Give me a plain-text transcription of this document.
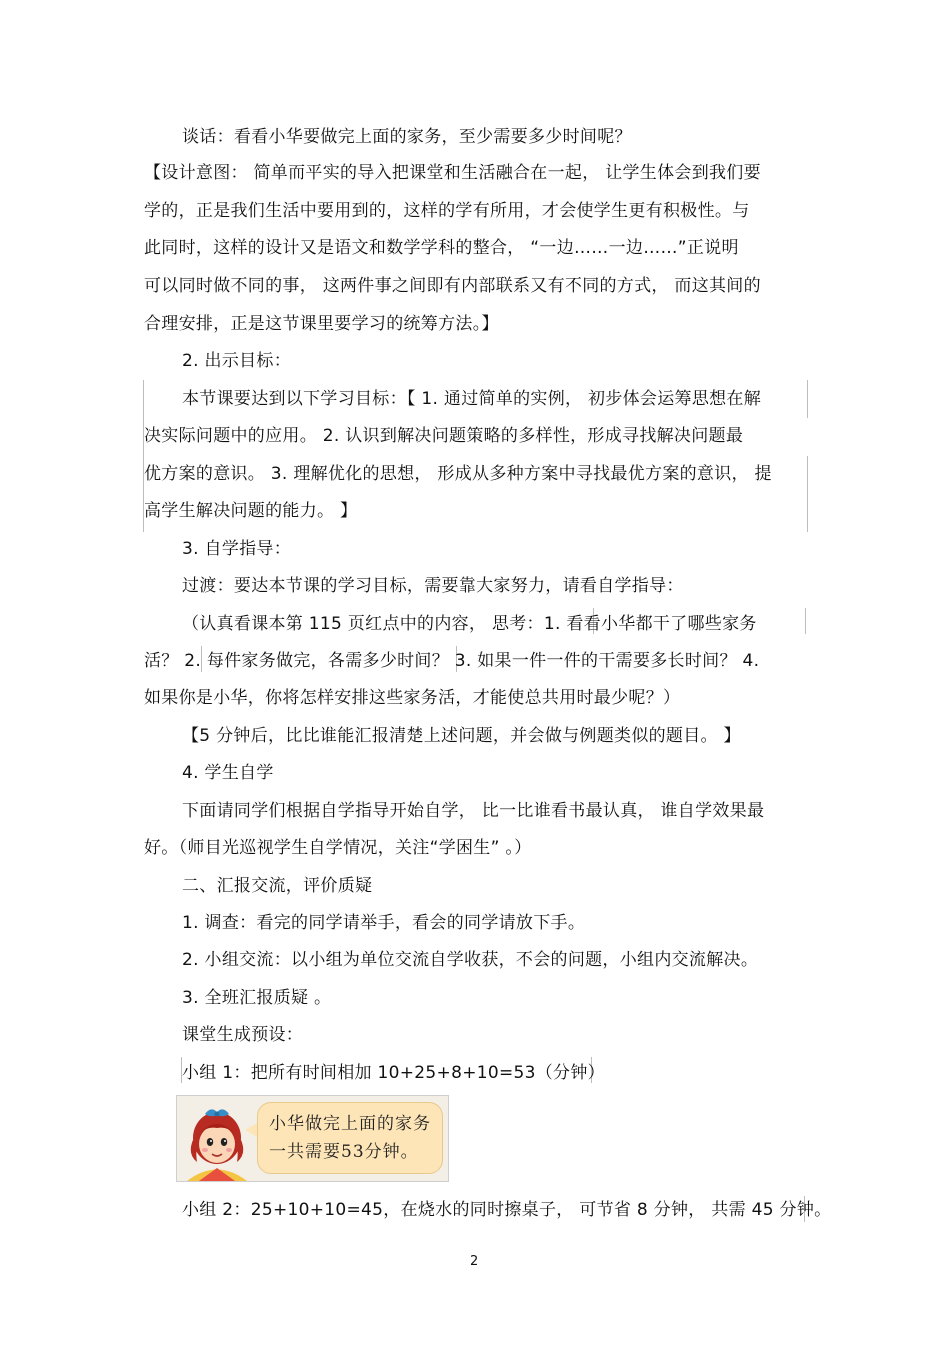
谈话：看看小华要做完上面的家务，至少需要多少时间呢？
【设计意图： 简单而平实的导入把课堂和生活融合在一起， 让学生体会到我们要
学的，正是我们生活中要用到的，这样的学有所用，才会使学生更有积极性。与
此同时，这样的设计又是语文和数学学科的整合， “一边……一边……”正说明
可以同时做不同的事， 这两件事之间即有内部联系又有不同的方式， 而这其间的
合理安排，正是这节课里要学习的统筹方法。】
2. 出示目标：
本节课要达到以下学习目标：【 1. 通过简单的实例， 初步体会运筹思想在解
决实际问题中的应用。 2. 认识到解决问题策略的多样性，形成寻找解决问题最
优方案的意识。 3. 理解优化的思想， 形成从多种方案中寻找最优方案的意识， 提
高学生解决问题的能力。 】
3. 自学指导：
过渡：要达本节课的学习目标，需要靠大家努力，请看自学指导：
（认真看课本第 115 页红点中的内容， 思考：1. 看看小华都干了哪些家务
活？ 2. 每件家务做完，各需多少时间？ 3. 如果一件一件的干需要多长时间？ 4.
如果你是小华，你将怎样安排这些家务活，才能使总共用时最少呢？）
【5 分钟后，比比谁能汇报清楚上述问题，并会做与例题类似的题目。 】
4. 学生自学
下面请同学们根据自学指导开始自学， 比一比谁看书最认真， 谁自学效果最
好。（师目光巡视学生自学情况，关注“学困生” 。）
二、汇报交流，评价质疑
1. 调查：看完的同学请举手，看会的同学请放下手。
2. 小组交流：以小组为单位交流自学收获，不会的问题，小组内交流解决。
3. 全班汇报质疑 。
课堂生成预设：
小组 1：把所有时间相加 10+25+8+10=53（分钟）
小华做完上面的家务
一共需要53分钟。
小组 2：25+10+10=45，在烧水的同时擦桌子， 可节省 8 分钟， 共需 45 分钟。
2
